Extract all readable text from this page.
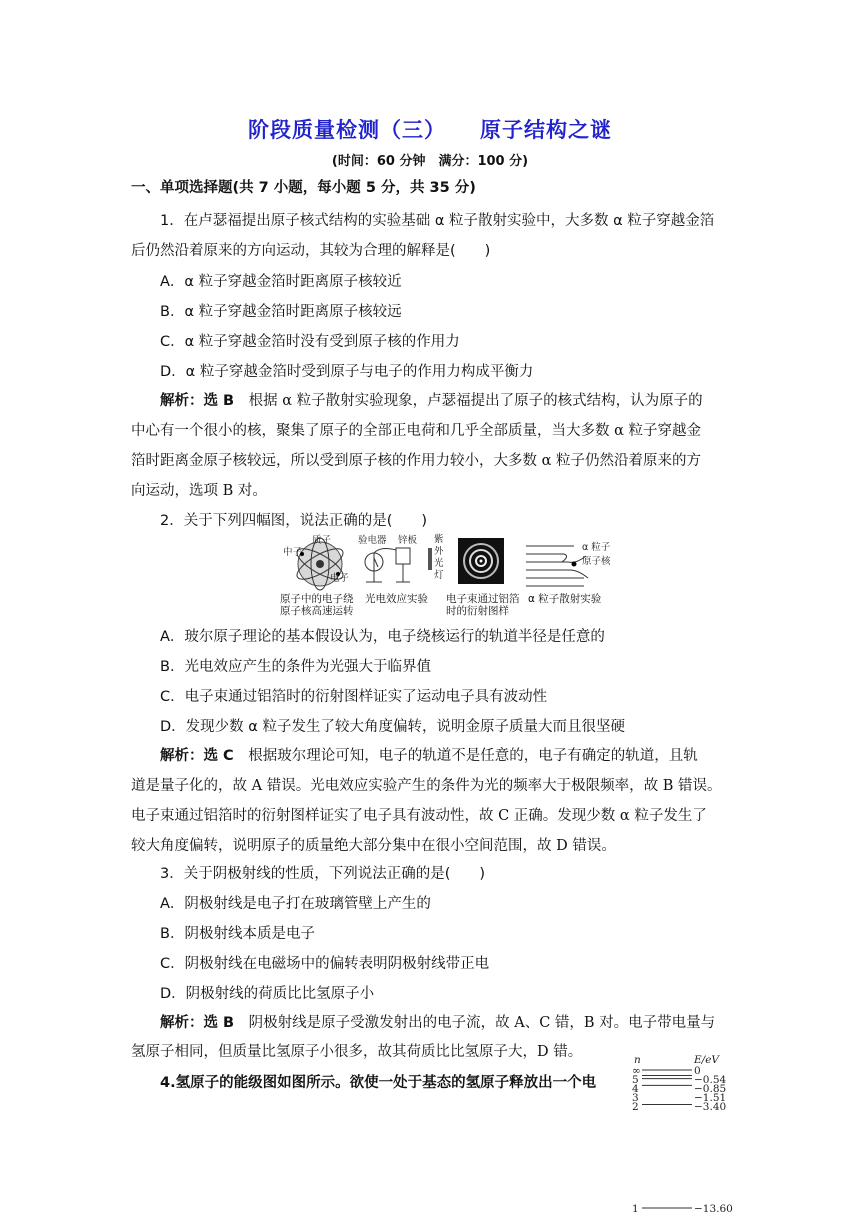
阶段质量检测（三） 原子结构之谜
(时间：60 分钟　满分：100 分)
一、单项选择题(共 7 小题，每小题 5 分，共 35 分)
1．在卢瑟福提出原子核式结构的实验基础 α 粒子散射实验中，大多数 α 粒子穿越金箔
后仍然沿着原来的方向运动，其较为合理的解释是(　　)
A．α 粒子穿越金箔时距离原子核较近
B．α 粒子穿越金箔时距离原子核较远
C．α 粒子穿越金箔时没有受到原子核的作用力
D．α 粒子穿越金箔时受到原子与电子的作用力构成平衡力
解析：选 B　根据 α 粒子散射实验现象，卢瑟福提出了原子的核式结构，认为原子的
中心有一个很小的核，聚集了原子的全部正电荷和几乎全部质量，当大多数 α 粒子穿越金
箔时距离金原子核较远，所以受到原子核的作用力较小，大多数 α 粒子仍然沿着原来的方
向运动，选项 B 对。
2．关于下列四幅图，说法正确的是(　　)
质子
中子
电子
验电器 锌板 紫
外
光
灯
α 粒子
原子核
原子中的电子绕
原子核高速运转
光电效应实验 电子束通过铝箔
时的衍射图样
α 粒子散射实验
A．玻尔原子理论的基本假设认为，电子绕核运行的轨道半径是任意的
B．光电效应产生的条件为光强大于临界值
C．电子束通过铝箔时的衍射图样证实了运动电子具有波动性
D．发现少数 α 粒子发生了较大角度偏转，说明金原子质量大而且很坚硬
解析：选 C　根据玻尔理论可知，电子的轨道不是任意的，电子有确定的轨道，且轨
道是量子化的，故 A 错误。光电效应实验产生的条件为光的频率大于极限频率，故 B 错误。
电子束通过铝箔时的衍射图样证实了电子具有波动性，故 C 正确。发现少数 α 粒子发生了
较大角度偏转，说明原子的质量绝大部分集中在很小空间范围，故 D 错误。
3．关于阴极射线的性质，下列说法正确的是(　　)
A．阴极射线是电子打在玻璃管壁上产生的
B．阴极射线本质是电子
C．阴极射线在电磁场中的偏转表明阴极射线带正电
D．阴极射线的荷质比比氢原子小
解析：选 B　阴极射线是原子受激发射出的电子流，故 A、C 错，B 对。电子带电量与
氢原子相同，但质量比氢原子小很多，故其荷质比比氢原子大，D 错。
4.氢原子的能级图如图所示。欲使一处于基态的氢原子释放出一个电
n	E/eV
∞	0
5	−0.54
4	−0.85
3	−1.51
2	−3.40
1	−13.60
